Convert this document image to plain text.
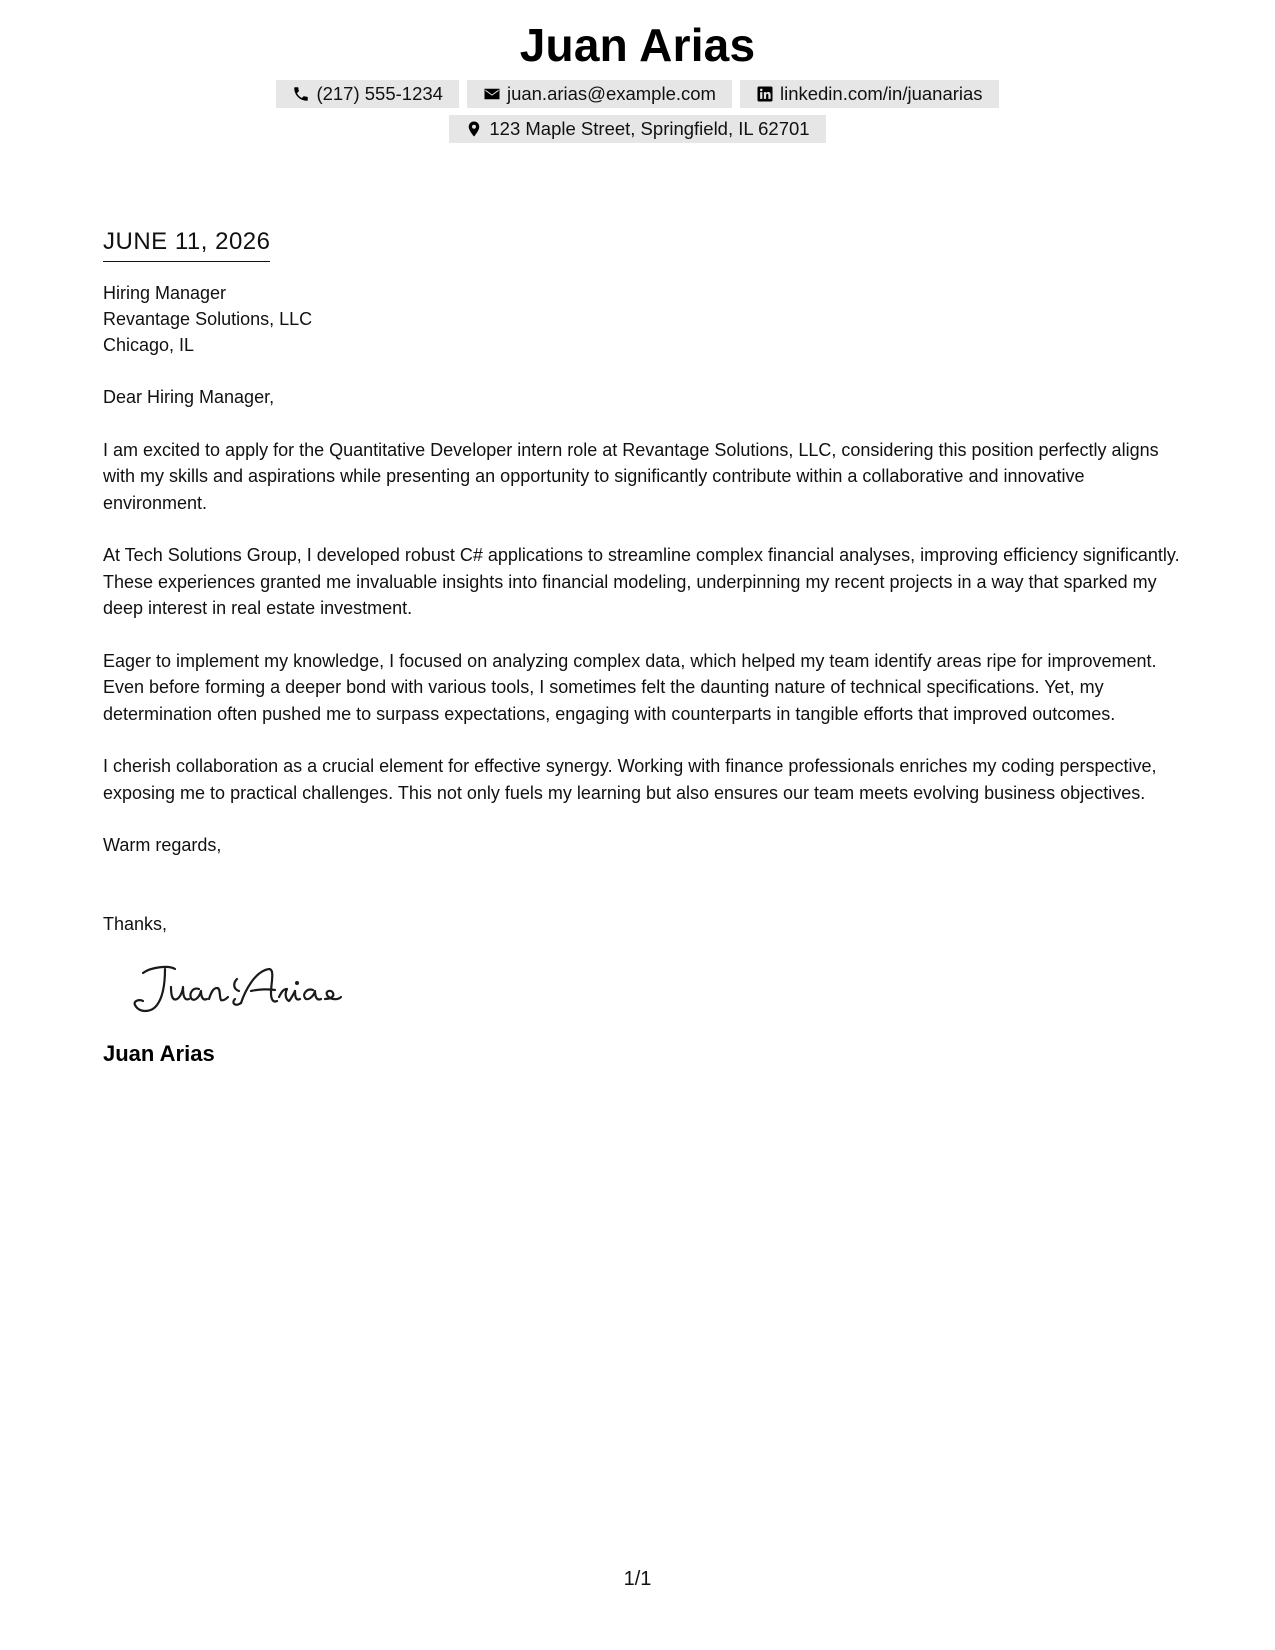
Juan Arias
(217) 555-1234	juan.arias@example.com	linkedin.com/in/juanarias
123 Maple Street, Springfield, IL 62701
JUNE 11, 2026
Hiring Manager
Revantage Solutions, LLC
Chicago, IL
Dear Hiring Manager,
I am excited to apply for the Quantitative Developer intern role at Revantage Solutions, LLC, considering this position perfectly aligns with my skills and aspirations while presenting an opportunity to significantly contribute within a collaborative and innovative environment.
At Tech Solutions Group, I developed robust C# applications to streamline complex financial analyses, improving efficiency significantly. These experiences granted me invaluable insights into financial modeling, underpinning my recent projects in a way that sparked my deep interest in real estate investment.
Eager to implement my knowledge, I focused on analyzing complex data, which helped my team identify areas ripe for improvement. Even before forming a deeper bond with various tools, I sometimes felt the daunting nature of technical specifications. Yet, my determination often pushed me to surpass expectations, engaging with counterparts in tangible efforts that improved outcomes.
I cherish collaboration as a crucial element for effective synergy. Working with finance professionals enriches my coding perspective, exposing me to practical challenges. This not only fuels my learning but also ensures our team meets evolving business objectives.
Warm regards,
Thanks,
Juan Arias
1/1
